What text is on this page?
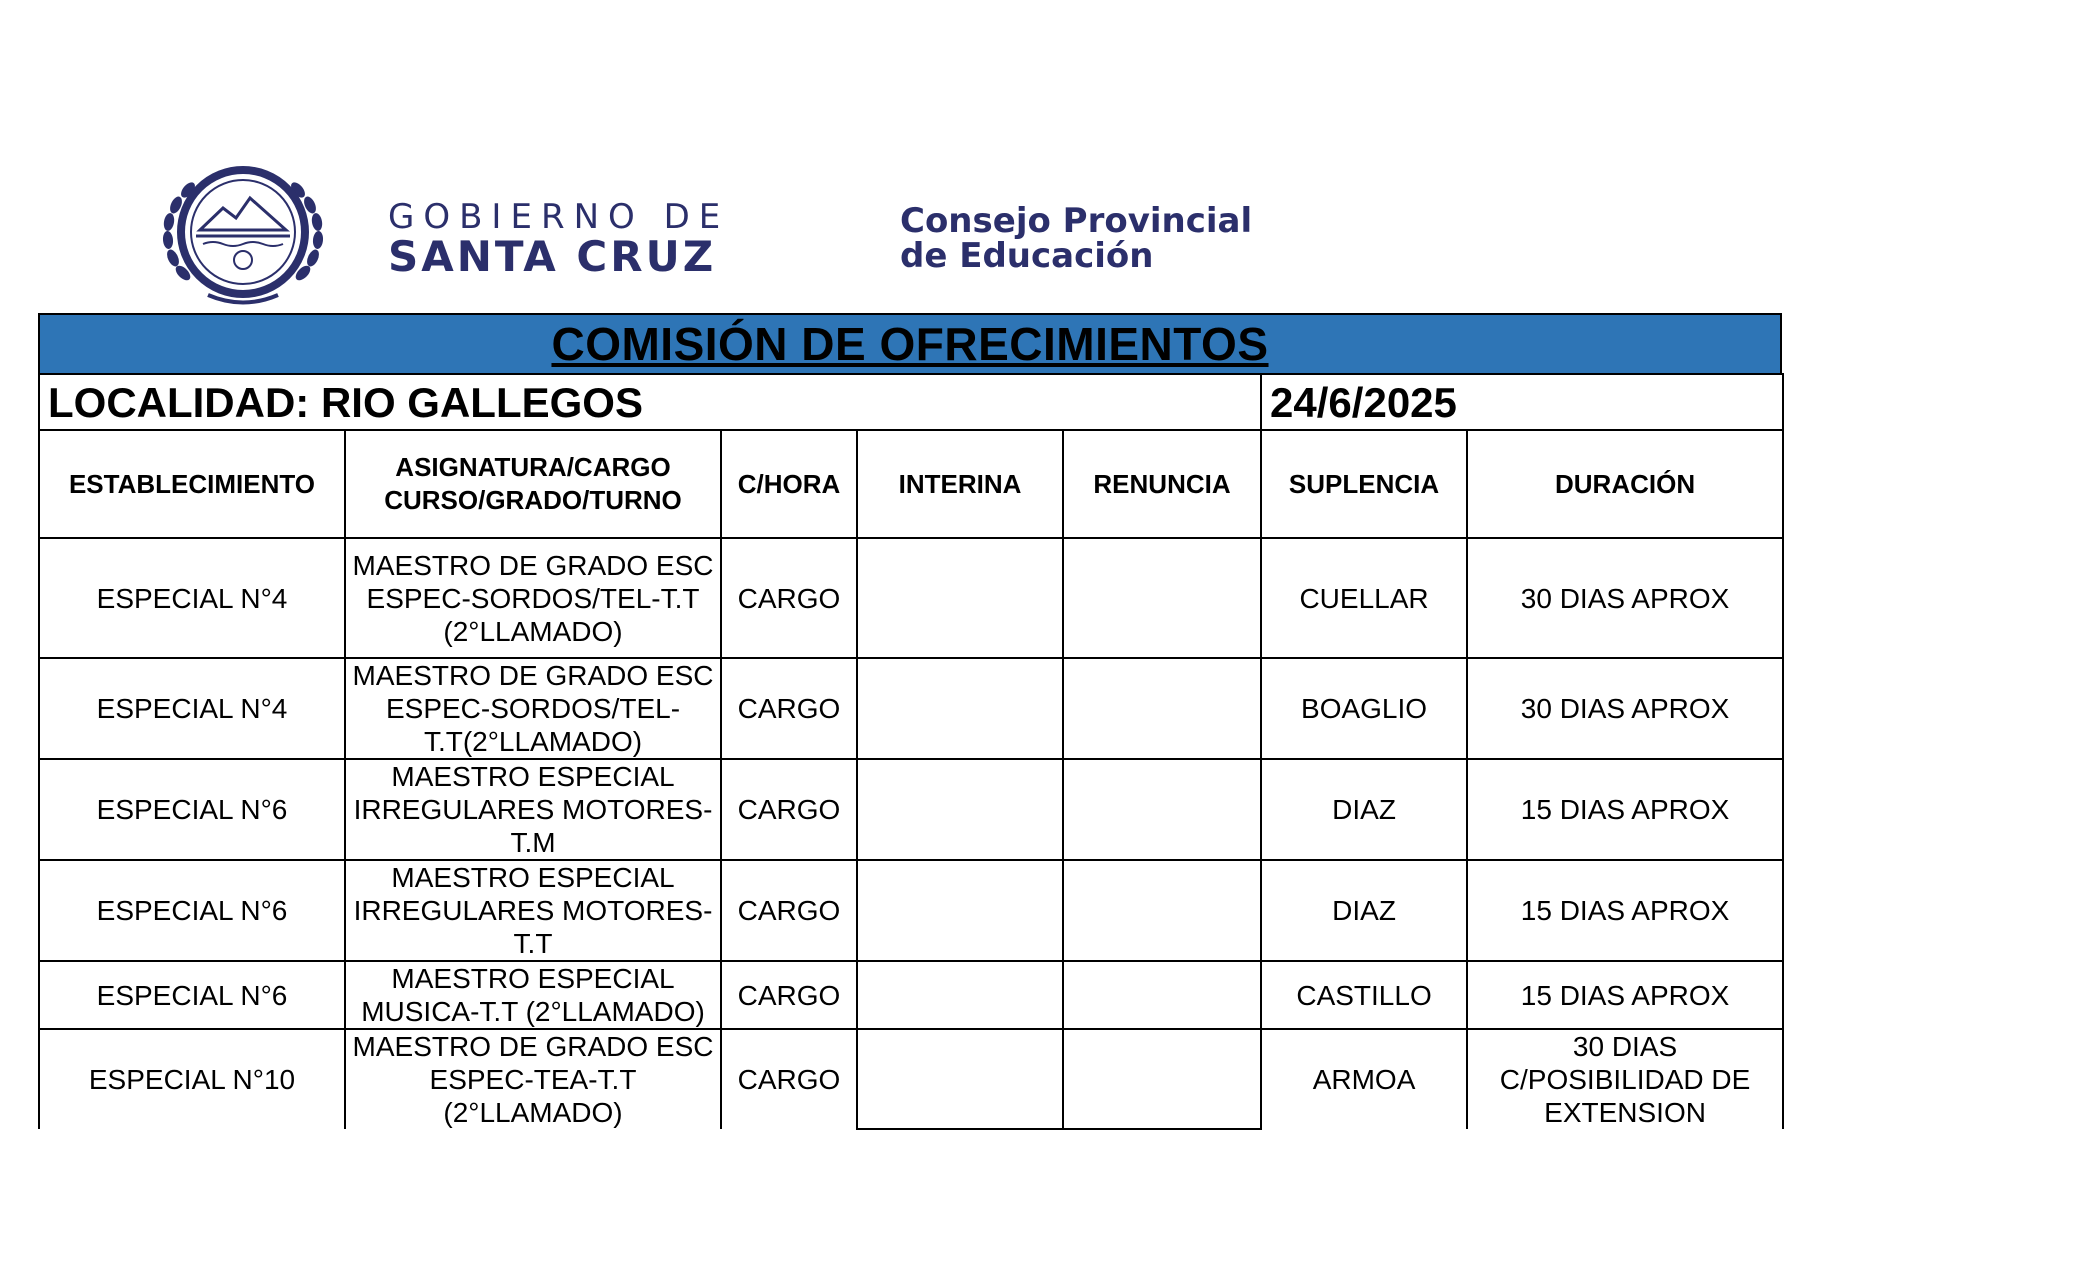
GOBIERNO DE
SANTA CRUZ
Consejo Provincial
de Educación
COMISIÓN DE OFRECIMIENTOS
LOCALIDAD: RIO GALLEGOS					24/6/2025	
ESTABLECIMIENTO	ASIGNATURA/CARGO CURSO/GRADO/TURNO	C/HORA	INTERINA	RENUNCIA	SUPLENCIA	DURACIÓN
ESPECIAL N°4	MAESTRO DE GRADO ESC ESPEC-SORDOS/TEL-T.T (2°LLAMADO)	CARGO			CUELLAR	30 DIAS APROX
ESPECIAL N°4	MAESTRO DE GRADO ESC ESPEC-SORDOS/TEL-T.T(2°LLAMADO)	CARGO			BOAGLIO	30 DIAS APROX
ESPECIAL N°6	MAESTRO ESPECIAL IRREGULARES MOTORES-T.M	CARGO			DIAZ	15 DIAS APROX
ESPECIAL N°6	MAESTRO ESPECIAL IRREGULARES MOTORES-T.T	CARGO			DIAZ	15 DIAS APROX
ESPECIAL N°6	MAESTRO ESPECIAL MUSICA-T.T (2°LLAMADO)	CARGO			CASTILLO	15 DIAS APROX
ESPECIAL N°10	MAESTRO DE GRADO ESC ESPEC-TEA-T.T (2°LLAMADO)	CARGO			ARMOA	30 DIAS C/POSIBILIDAD DE EXTENSION
